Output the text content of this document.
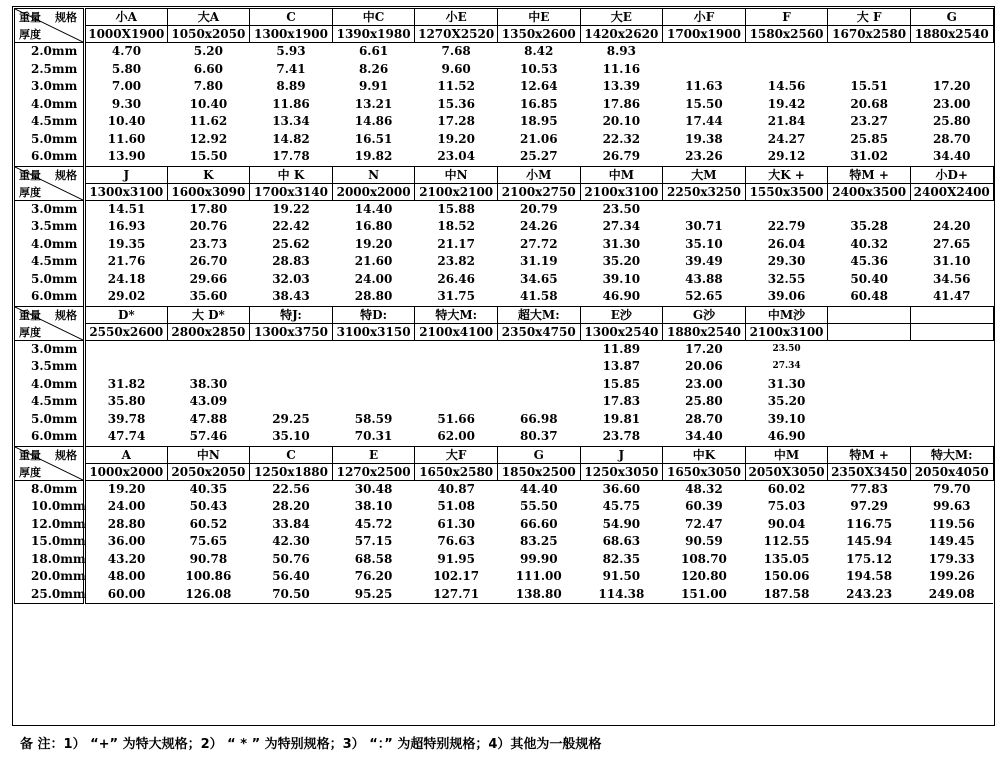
重量 规格
厚度	小A	大A	C	中C	小E	中E	大E	小F	F	大 F	G
	1000X1900	1050x2050	1300x1900	1390x1980	1270X2520	1350x2600	1420x2620	1700x1900	1580x2560	1670x2580	1880x2540
2.0mm	4.70	5.20	5.93	6.61	7.68	8.42	8.93				
2.5mm	5.80	6.60	7.41	8.26	9.60	10.53	11.16				
3.0mm	7.00	7.80	8.89	9.91	11.52	12.64	13.39	11.63	14.56	15.51	17.20
4.0mm	9.30	10.40	11.86	13.21	15.36	16.85	17.86	15.50	19.42	20.68	23.00
4.5mm	10.40	11.62	13.34	14.86	17.28	18.95	20.10	17.44	21.84	23.27	25.80
5.0mm	11.60	12.92	14.82	16.51	19.20	21.06	22.32	19.38	24.27	25.85	28.70
6.0mm	13.90	15.50	17.78	19.82	23.04	25.27	26.79	23.26	29.12	31.02	34.40

重量 规格
厚度	J	K	中 K	N	中N	小M	中M	大M	大K +	特M +	小D+
	1300x3100	1600x3090	1700x3140	2000x2000	2100x2100	2100x2750	2100x3100	2250x3250	1550x3500	2400x3500	2400X2400
3.0mm	14.51	17.80	19.22	14.40	15.88	20.79	23.50				
3.5mm	16.93	20.76	22.42	16.80	18.52	24.26	27.34	30.71	22.79	35.28	24.20
4.0mm	19.35	23.73	25.62	19.20	21.17	27.72	31.30	35.10	26.04	40.32	27.65
4.5mm	21.76	26.70	28.83	21.60	23.82	31.19	35.20	39.49	29.30	45.36	31.10
5.0mm	24.18	29.66	32.03	24.00	26.46	34.65	39.10	43.88	32.55	50.40	34.56
6.0mm	29.02	35.60	38.43	28.80	31.75	41.58	46.90	52.65	39.06	60.48	41.47

重量 规格
厚度	D*	大 D*	特J:	特D:	特大M:	超大M:	E沙	G沙	中M沙		
	2550x2600	2800x2850	1300x3750	3100x3150	2100x4100	2350x4750	1300x2540	1880x2540	2100x3100		
3.0mm							11.89	17.20	23.50		
3.5mm							13.87	20.06	27.34		
4.0mm	31.82	38.30					15.85	23.00	31.30		
4.5mm	35.80	43.09					17.83	25.80	35.20		
5.0mm	39.78	47.88	29.25	58.59	51.66	66.98	19.81	28.70	39.10		
6.0mm	47.74	57.46	35.10	70.31	62.00	80.37	23.78	34.40	46.90		

重量 规格
厚度	A	中N	C	E	大F	G	J	中K	中M	特M +	特大M:
	1000x2000	2050x2050	1250x1880	1270x2500	1650x2580	1850x2500	1250x3050	1650x3050	2050X3050	2350X3450	2050x4050
8.0mm	19.20	40.35	22.56	30.48	40.87	44.40	36.60	48.32	60.02	77.83	79.70
10.0mm	24.00	50.43	28.20	38.10	51.08	55.50	45.75	60.39	75.03	97.29	99.63
12.0mm	28.80	60.52	33.84	45.72	61.30	66.60	54.90	72.47	90.04	116.75	119.56
15.0mm	36.00	75.65	42.30	57.15	76.63	83.25	68.63	90.59	112.55	145.94	149.45
18.0mm	43.20	90.78	50.76	68.58	91.95	99.90	82.35	108.70	135.05	175.12	179.33
20.0mm	48.00	100.86	56.40	76.20	102.17	111.00	91.50	120.80	150.06	194.58	199.26
25.0mm	60.00	126.08	70.50	95.25	127.71	138.80	114.38	151.00	187.58	243.23	249.08
备 注：1） “+” 为特大规格；2） “ * ” 为特别规格；3） “：” 为超特别规格；4）其他为一般规格
